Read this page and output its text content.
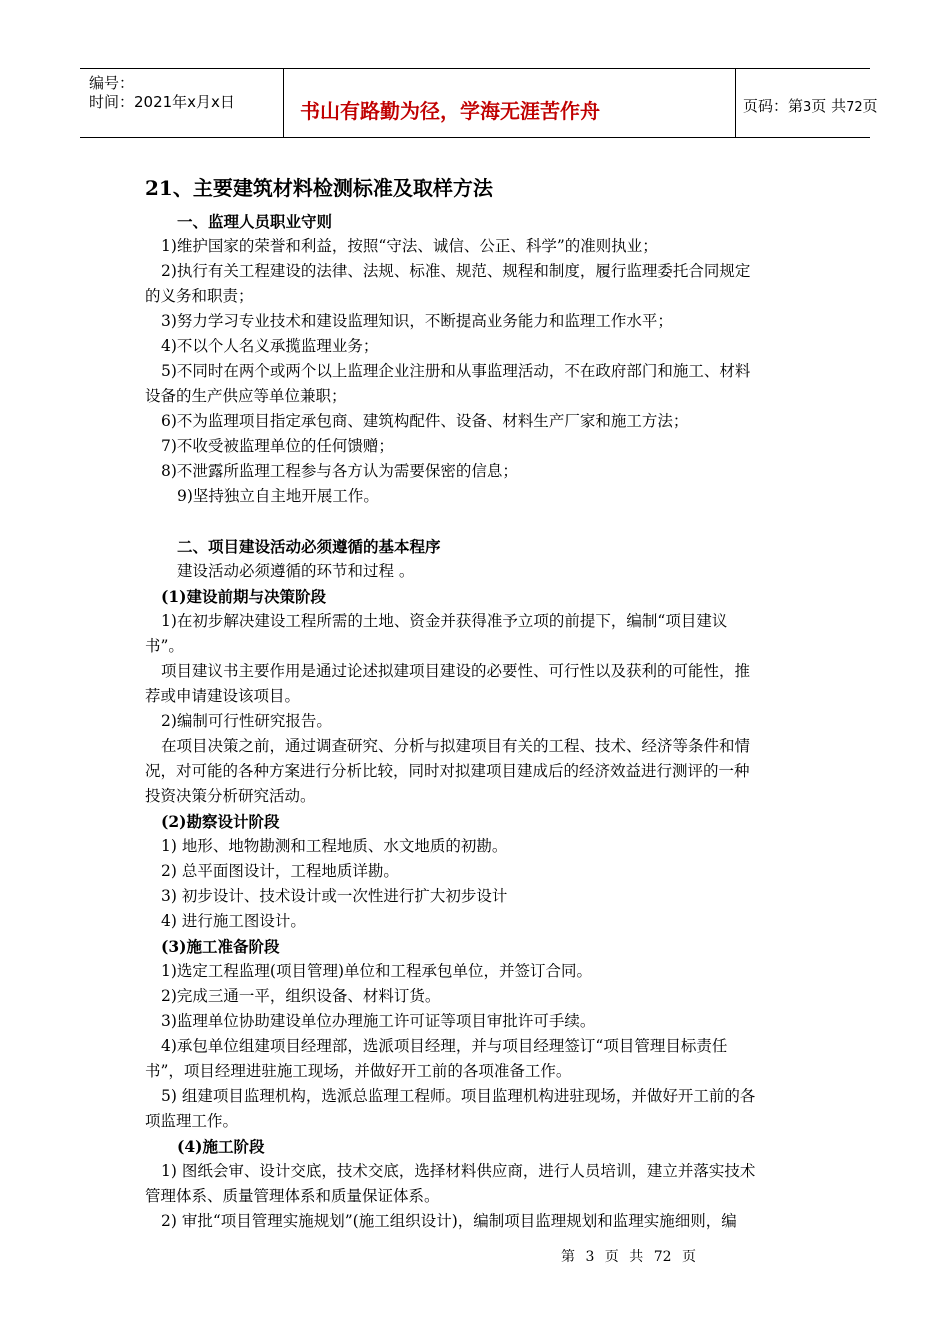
编号：
时间：2021年x月x日	书山有路勤为径，学海无涯苦作舟	页码：第3页 共72页
21、主要建筑材料检测标准及取样方法
一、监理人员职业守则
1)维护国家的荣誉和利益，按照“守法、诚信、公正、科学”的准则执业；
2)执行有关工程建设的法律、法规、标准、规范、规程和制度，履行监理委托合同规定
的义务和职责；
3)努力学习专业技术和建设监理知识，不断提高业务能力和监理工作水平；
4)不以个人名义承揽监理业务；
5)不同时在两个或两个以上监理企业注册和从事监理活动，不在政府部门和施工、材料
设备的生产供应等单位兼职；
6)不为监理项目指定承包商、建筑构配件、设备、材料生产厂家和施工方法；
7)不收受被监理单位的任何馈赠；
8)不泄露所监理工程参与各方认为需要保密的信息；
9)坚持独立自主地开展工作。
二、项目建设活动必须遵循的基本程序
建设活动必须遵循的环节和过程 。
(1)建设前期与决策阶段
1)在初步解决建设工程所需的土地、资金并获得准予立项的前提下，编制“项目建议
书”。
项目建议书主要作用是通过论述拟建项目建设的必要性、可行性以及获利的可能性，推
荐或申请建设该项目。
2)编制可行性研究报告。
在项目决策之前，通过调查研究、分析与拟建项目有关的工程、技术、经济等条件和情
况，对可能的各种方案进行分析比较，同时对拟建项目建成后的经济效益进行测评的一种
投资决策分析研究活动。
(2)勘察设计阶段
1) 地形、地物勘测和工程地质、水文地质的初勘。
2) 总平面图设计，工程地质详勘。
3) 初步设计、技术设计或一次性进行扩大初步设计
4) 进行施工图设计。
(3)施工准备阶段
1)选定工程监理(项目管理)单位和工程承包单位，并签订合同。
2)完成三通一平，组织设备、材料订货。
3)监理单位协助建设单位办理施工许可证等项目审批许可手续。
4)承包单位组建项目经理部，选派项目经理，并与项目经理签订“项目管理目标责任
书”，项目经理进驻施工现场，并做好开工前的各项准备工作。
5) 组建项目监理机构，选派总监理工程师。项目监理机构进驻现场，并做好开工前的各
项监理工作。
(4)施工阶段
1) 图纸会审、设计交底，技术交底，选择材料供应商，进行人员培训，建立并落实技术
管理体系、质量管理体系和质量保证体系。
2) 审批“项目管理实施规划”(施工组织设计)，编制项目监理规划和监理实施细则，编
第 3 页 共 72 页
